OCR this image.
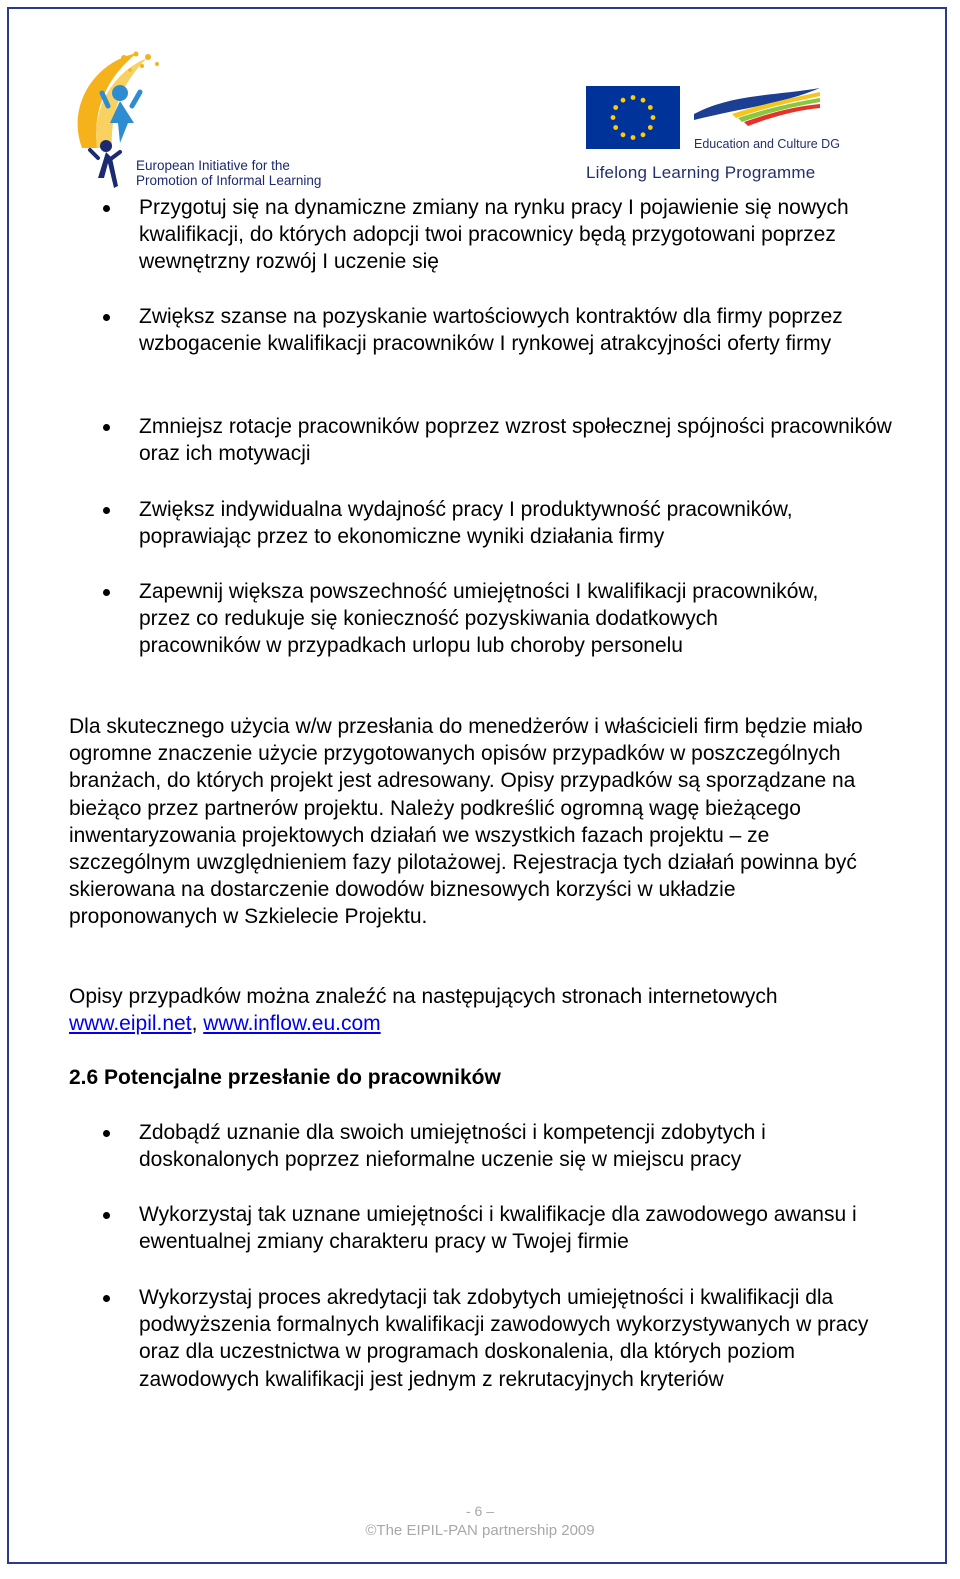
European Initiative for the
Promotion of Informal Learning
Education and Culture DG
Lifelong Learning Programme
Przygotuj się na dynamiczne zmiany na rynku pracy I pojawienie się nowych kwalifikacji, do których adopcji twoi pracownicy będą przygotowani poprzez wewnętrzny rozwój I uczenie się
Zwiększ szanse na pozyskanie wartościowych kontraktów dla firmy poprzez wzbogacenie kwalifikacji pracowników I rynkowej atrakcyjności oferty firmy
Zmniejsz rotacje pracowników poprzez wzrost społecznej spójności pracowników oraz ich motywacji
Zwiększ indywidualna wydajność pracy I produktywność pracowników, poprawiając przez to ekonomiczne wyniki działania firmy
Zapewnij większa powszechność umiejętności I kwalifikacji pracowników, przez co redukuje się konieczność pozyskiwania dodatkowych pracowników w przypadkach urlopu lub choroby personelu
Dla skutecznego użycia w/w przesłania do menedżerów i właścicieli firm będzie miało ogromne znaczenie użycie przygotowanych opisów przypadków w poszczególnych branżach, do których projekt jest adresowany. Opisy przypadków są sporządzane na bieżąco przez partnerów projektu. Należy podkreślić ogromną wagę bieżącego inwentaryzowania projektowych działań we wszystkich fazach projektu – ze szczególnym uwzględnieniem fazy pilotażowej. Rejestracja tych działań powinna być skierowana na dostarczenie dowodów biznesowych korzyści w układzie proponowanych w Szkielecie Projektu.
Opisy przypadków można znaleźć na następujących stronach internetowych
www.eipil.net, www.inflow.eu.com
2.6 Potencjalne przesłanie do pracowników
Zdobądź uznanie dla swoich umiejętności i kompetencji zdobytych i doskonalonych poprzez nieformalne uczenie się w miejscu pracy
Wykorzystaj tak uznane umiejętności i kwalifikacje dla zawodowego awansu i ewentualnej zmiany charakteru pracy w Twojej firmie
Wykorzystaj proces akredytacji tak zdobytych umiejętności i kwalifikacji dla podwyższenia formalnych kwalifikacji zawodowych wykorzystywanych w pracy oraz dla uczestnictwa w programach doskonalenia, dla których poziom zawodowych kwalifikacji jest jednym z rekrutacyjnych kryteriów
- 6 –
©The EIPIL-PAN partnership 2009
